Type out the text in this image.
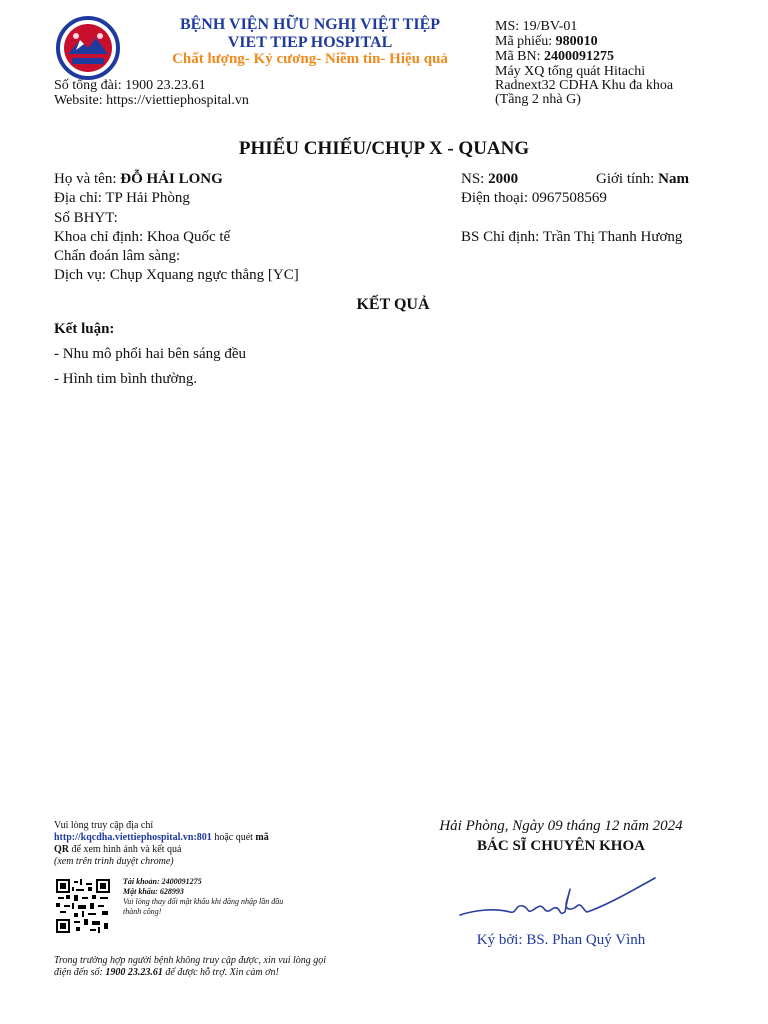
BỆNH VIỆN HỮU NGHỊ VIỆT TIỆP
VIET TIEP HOSPITAL
Chất lượng- Kỷ cương- Niềm tin- Hiệu quả
Số tổng đài: 1900 23.23.61
Website: https://viettiephospital.vn
MS: 19/BV-01
Mã phiếu: 980010
Mã BN: 2400091275
Máy XQ tổng quát Hitachi
Radnext32 CDHA Khu đa khoa
(Tầng 2 nhà G)
PHIẾU CHIẾU/CHỤP X - QUANG
Họ và tên: ĐỖ HẢI LONG	NS: 2000	Giới tính: Nam
Địa chỉ: TP Hải Phòng	Điện thoại: 0967508569
Số BHYT:
Khoa chỉ định: Khoa Quốc tế	BS Chỉ định: Trần Thị Thanh Hương
Chẩn đoán lâm sàng:
Dịch vụ: Chụp Xquang ngực thẳng [YC]
KẾT QUẢ
Kết luận:
- Nhu mô phổi hai bên sáng đều
- Hình tim bình thường.
Vui lòng truy cập địa chỉ
http://kqcdha.viettiephospital.vn:801 hoặc quét mã
QR để xem hình ảnh và kết quả
(xem trên trình duyệt chrome)
Tài khoản: 2400091275
Mật khẩu: 628993
Vui lòng thay đổi mật khẩu khi đăng nhập lần đầu
thành công!
Trong trường hợp người bệnh không truy cập được, xin vui lòng gọi
điện đến số: 1900 23.23.61 để được hỗ trợ. Xin cảm ơn!
Hải Phòng, Ngày 09 tháng 12 năm 2024
BÁC SĨ CHUYÊN KHOA
Ký bởi: BS. Phan Quý Vình
